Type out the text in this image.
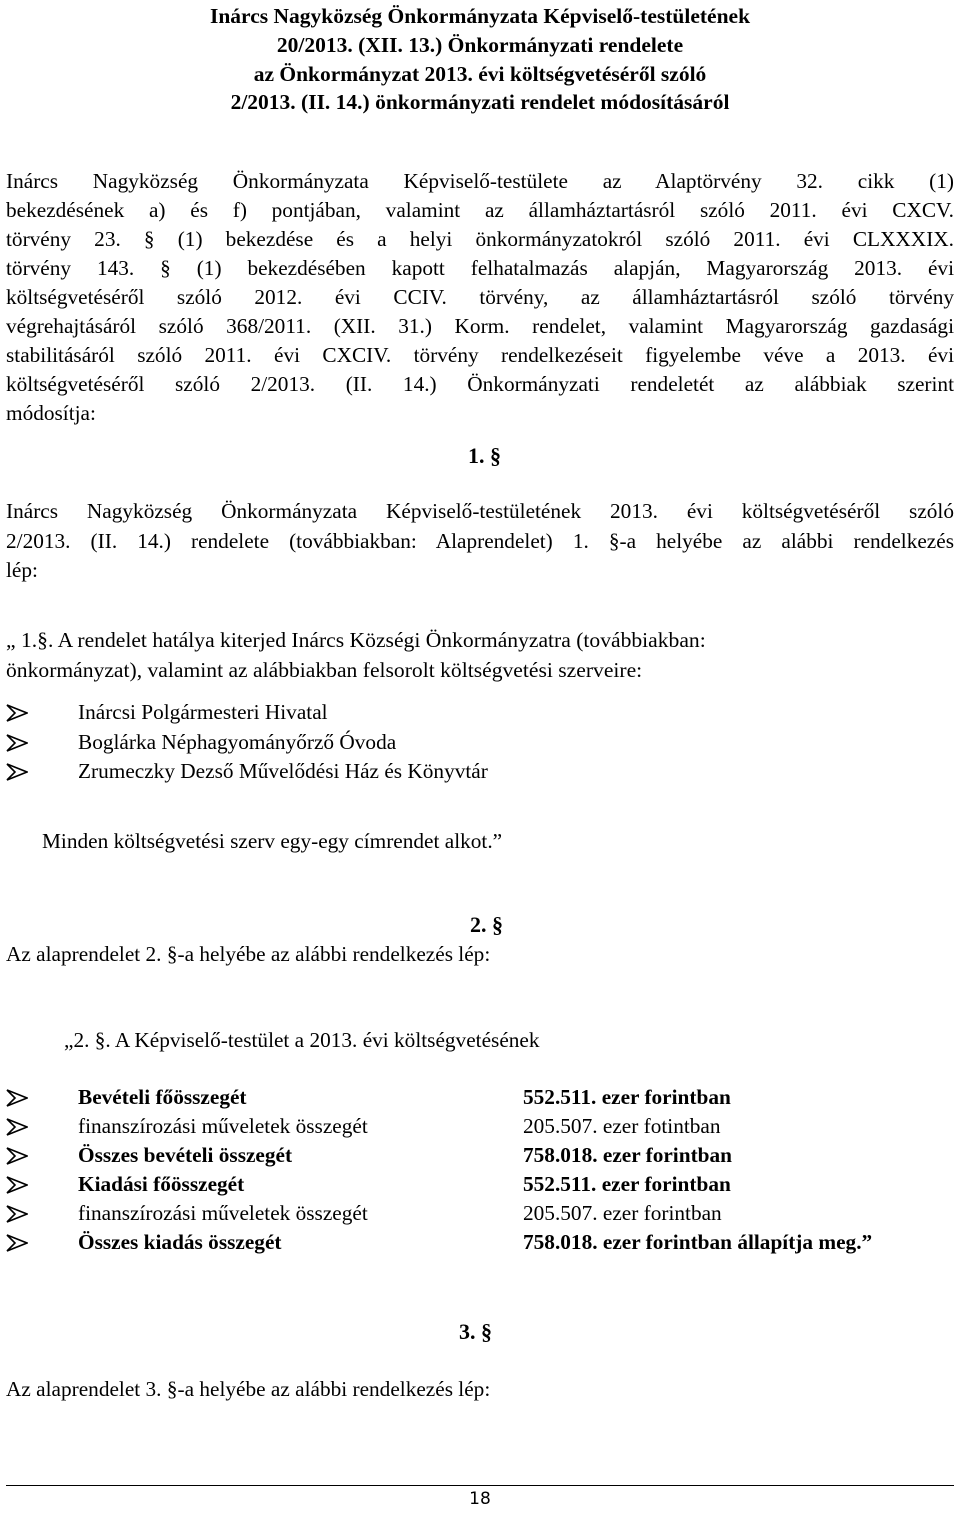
Inárcs Nagyközség Önkormányzata Képviselő-testületének
20/2013. (XII. 13.) Önkormányzati rendelete
az Önkormányzat 2013. évi költségvetéséről szóló
2/2013. (II. 14.) önkormányzati rendelet módosításáról
Inárcs Nagyközség Önkormányzata Képviselő-testülete az Alaptörvény 32. cikk (1)
bekezdésének a) és f) pontjában, valamint az államháztartásról szóló 2011. évi CXCV.
törvény 23. § (1) bekezdése és a helyi önkormányzatokról szóló 2011. évi CLXXXIX.
törvény 143. § (1) bekezdésében kapott felhatalmazás alapján, Magyarország 2013. évi
költségvetéséről szóló 2012. évi CCIV. törvény, az államháztartásról szóló törvény
végrehajtásáról szóló 368/2011. (XII. 31.) Korm. rendelet, valamint Magyarország gazdasági
stabilitásáról szóló 2011. évi CXCIV. törvény rendelkezéseit figyelembe véve a 2013. évi
költségvetéséről szóló 2/2013. (II. 14.) Önkormányzati rendeletét az alábbiak szerint
módosítja:
1. §
Inárcs Nagyközség Önkormányzata Képviselő-testületének 2013. évi költségvetéséről szóló
2/2013. (II. 14.) rendelete (továbbiakban: Alaprendelet) 1. §-a helyébe az alábbi rendelkezés
lép:
„ 1.§. A rendelet hatálya kiterjed Inárcs Községi Önkormányzatra (továbbiakban:
önkormányzat), valamint az alábbiakban felsorolt költségvetési szerveire:
Inárcsi Polgármesteri Hivatal
Boglárka Néphagyományőrző Óvoda
Zrumeczky Dezső Művelődési Ház és Könyvtár
Minden költségvetési szerv egy-egy címrendet alkot.”
2. §
Az alaprendelet 2. §-a helyébe az alábbi rendelkezés lép:
„2. §. A Képviselő-testület a 2013. évi költségvetésének
Bevételi főösszegét	552.511. ezer forintban
finanszírozási műveletek összegét	205.507. ezer fotintban
Összes bevételi összegét	758.018. ezer forintban
Kiadási főösszegét	552.511. ezer forintban
finanszírozási műveletek összegét	205.507. ezer forintban
Összes kiadás összegét	758.018. ezer forintban állapítja meg.”
3. §
Az alaprendelet 3. §-a helyébe az alábbi rendelkezés lép:
18
